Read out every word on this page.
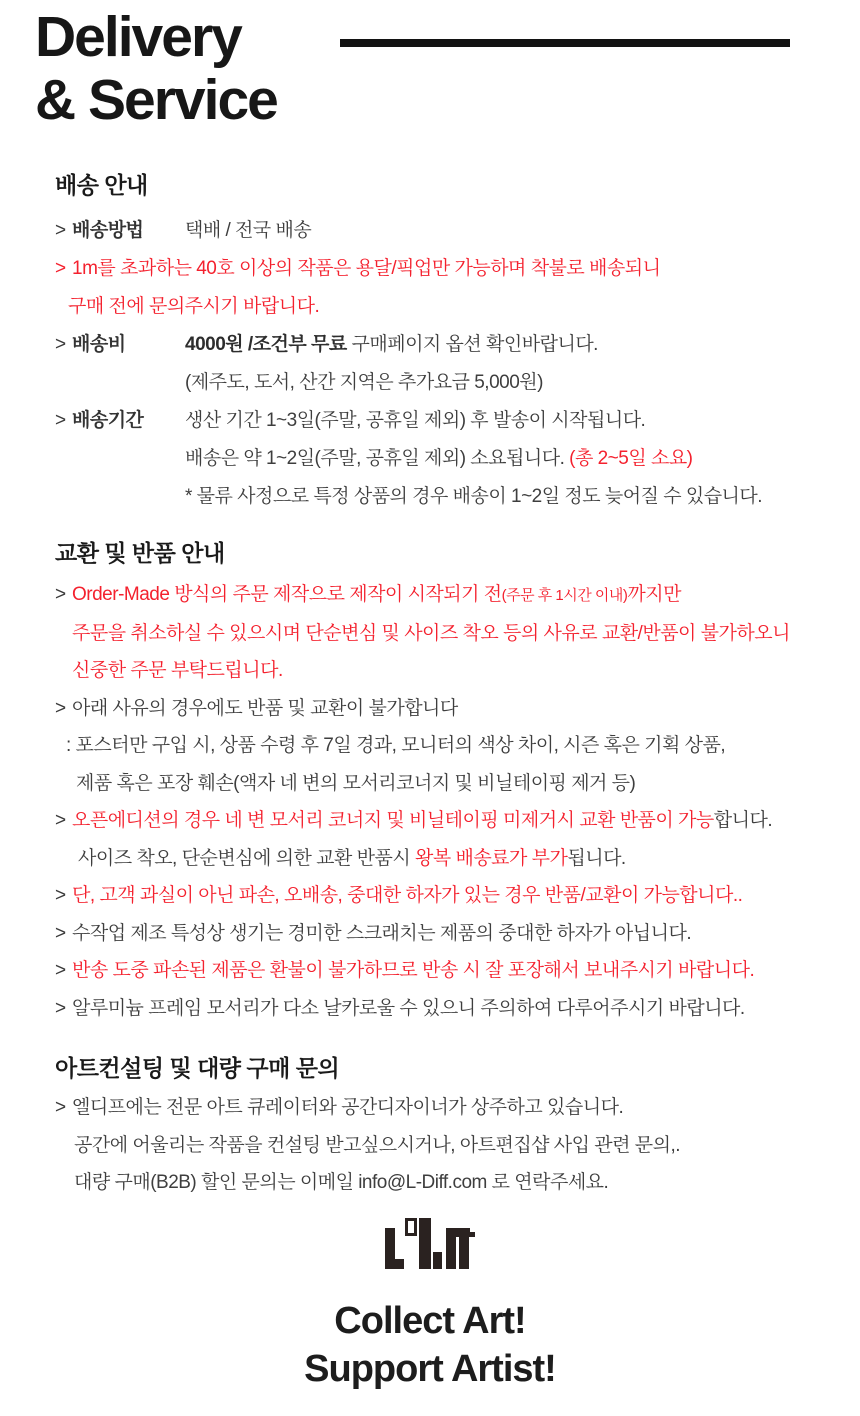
Delivery
& Service
배송 안내
> 배송방법	택배 / 전국 배송
> 1m를 초과하는 40호 이상의 작품은 용달/픽업만 가능하며 착불로 배송되니
구매 전에 문의주시기 바랍니다.
> 배송비	4000원 /조건부 무료 구매페이지 옵션 확인바랍니다.
(제주도, 도서, 산간 지역은 추가요금 5,000원)
> 배송기간	생산 기간 1~3일(주말, 공휴일 제외) 후 발송이 시작됩니다.
배송은 약 1~2일(주말, 공휴일 제외) 소요됩니다. (총 2~5일 소요)
* 물류 사정으로 특정 상품의 경우 배송이 1~2일 정도 늦어질 수 있습니다.
교환 및 반품 안내
> Order-Made 방식의 주문 제작으로 제작이 시작되기 전(주문 후 1시간 이내)까지만
주문을 취소하실 수 있으시며 단순변심 및 사이즈 착오 등의 사유로 교환/반품이 불가하오니
신중한 주문 부탁드립니다.
> 아래 사유의 경우에도 반품 및 교환이 불가합니다
: 포스터만 구입 시, 상품 수령 후 7일 경과, 모니터의 색상 차이, 시즌 혹은 기획 상품,
제품 혹은 포장 훼손(액자 네 변의 모서리코너지 및 비닐테이핑 제거 등)
> 오픈에디션의 경우 네 변 모서리 코너지 및 비닐테이핑 미제거시 교환 반품이 가능합니다.
사이즈 착오, 단순변심에 의한 교환 반품시 왕복 배송료가 부가됩니다.
> 단, 고객 과실이 아닌 파손, 오배송, 중대한 하자가 있는 경우 반품/교환이 가능합니다..
> 수작업 제조 특성상 생기는 경미한 스크래치는 제품의 중대한 하자가 아닙니다.
> 반송 도중 파손된 제품은 환불이 불가하므로 반송 시 잘 포장해서 보내주시기 바랍니다.
> 알루미늄 프레임 모서리가 다소 날카로울 수 있으니 주의하여 다루어주시기 바랍니다.
아트컨설팅 및 대량 구매 문의
> 엘디프에는 전문 아트 큐레이터와 공간디자이너가 상주하고 있습니다.
공간에 어울리는 작품을 컨설팅 받고싶으시거나, 아트편집샵 사입 관련 문의,.
대량 구매(B2B) 할인 문의는 이메일 info@L-Diff.com 로 연락주세요.
Collect Art!
Support Artist!
